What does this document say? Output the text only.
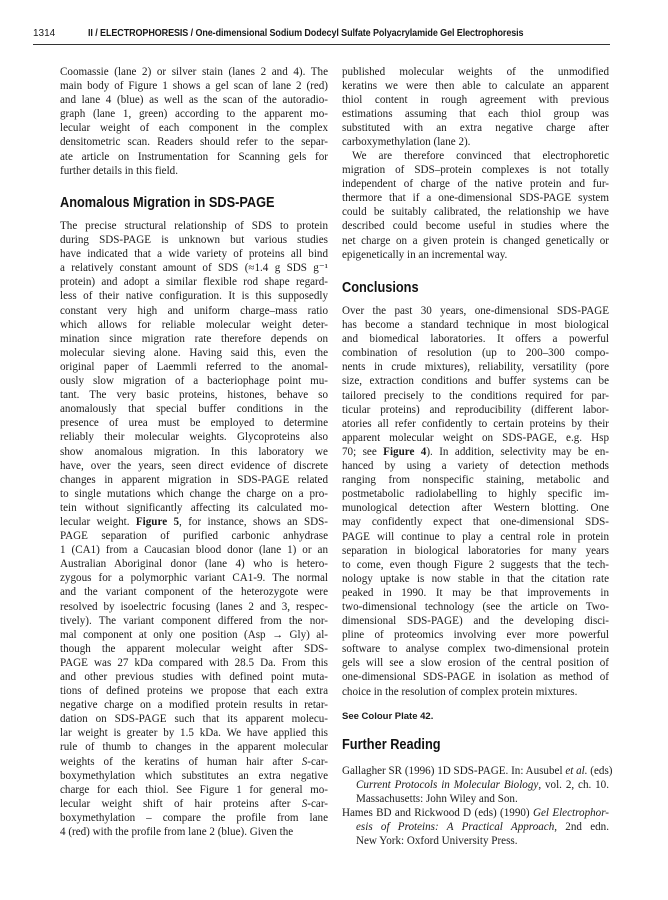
1314	II / ELECTROPHORESIS / One-dimensional Sodium Dodecyl Sulfate Polyacrylamide Gel Electrophoresis
Coomassie (lane 2) or silver stain (lanes 2 and 4). The
main body of Figure 1 shows a gel scan of lane 2 (red)
and lane 4 (blue) as well as the scan of the autoradio-
graph (lane 1, green) according to the apparent mo-
lecular weight of each component in the complex
densitometric scan. Readers should refer to the separ-
ate article on Instrumentation for Scanning gels for
further details in this field.
Anomalous Migration in SDS-PAGE
The precise structural relationship of SDS to protein
during SDS-PAGE is unknown but various studies
have indicated that a wide variety of proteins all bind
a relatively constant amount of SDS (≈1.4 g SDS g⁻¹
protein) and adopt a similar flexible rod shape regard-
less of their native configuration. It is this supposedly
constant very high and uniform charge–mass ratio
which allows for reliable molecular weight deter-
mination since migration rate therefore depends on
molecular sieving alone. Having said this, even the
original paper of Laemmli referred to the anomal-
ously slow migration of a bacteriophage point mu-
tant. The very basic proteins, histones, behave so
anomalously that special buffer conditions in the
presence of urea must be employed to determine
reliably their molecular weights. Glycoproteins also
show anomalous migration. In this laboratory we
have, over the years, seen direct evidence of discrete
changes in apparent migration in SDS-PAGE related
to single mutations which change the charge on a pro-
tein without significantly affecting its calculated mo-
lecular weight. Figure 5, for instance, shows an SDS-
PAGE separation of purified carbonic anhydrase
1 (CA1) from a Caucasian blood donor (lane 1) or an
Australian Aboriginal donor (lane 4) who is hetero-
zygous for a polymorphic variant CA1-9. The normal
and the variant component of the heterozygote were
resolved by isoelectric focusing (lanes 2 and 3, respec-
tively). The variant component differed from the nor-
mal component at only one position (Asp → Gly) al-
though the apparent molecular weight after SDS-
PAGE was 27 kDa compared with 28.5 Da. From this
and other previous studies with defined point muta-
tions of defined proteins we propose that each extra
negative charge on a modified protein results in retar-
dation on SDS-PAGE such that its apparent molecu-
lar weight is greater by 1.5 kDa. We have applied this
rule of thumb to changes in the apparent molecular
weights of the keratins of human hair after S-car-
boxymethylation which substitutes an extra negative
charge for each thiol. See Figure 1 for general mo-
lecular weight shift of hair proteins after S-car-
boxymethylation – compare the profile from lane
4 (red) with the profile from lane 2 (blue). Given the
published molecular weights of the unmodified
keratins we were then able to calculate an apparent
thiol content in rough agreement with previous
estimations assuming that each thiol group was
substituted with an extra negative charge after
carboxymethylation (lane 2).
We are therefore convinced that electrophoretic
migration of SDS–protein complexes is not totally
independent of charge of the native protein and fur-
thermore that if a one-dimensional SDS-PAGE system
could be suitably calibrated, the relationship we have
described could become useful in studies where the
net charge on a given protein is changed genetically or
epigenetically in an incremental way.
Conclusions
Over the past 30 years, one-dimensional SDS-PAGE
has become a standard technique in most biological
and biomedical laboratories. It offers a powerful
combination of resolution (up to 200–300 compo-
nents in crude mixtures), reliability, versatility (pore
size, extraction conditions and buffer systems can be
tailored precisely to the conditions required for par-
ticular proteins) and reproducibility (different labor-
atories all refer confidently to certain proteins by their
apparent molecular weight on SDS-PAGE, e.g. Hsp
70; see Figure 4). In addition, selectivity may be en-
hanced by using a variety of detection methods
ranging from nonspecific staining, metabolic and
postmetabolic radiolabelling to highly specific im-
munological detection after Western blotting. One
may confidently expect that one-dimensional SDS-
PAGE will continue to play a central role in protein
separation in biological laboratories for many years
to come, even though Figure 2 suggests that the tech-
nology uptake is now stable in that the citation rate
peaked in 1990. It may be that improvements in
two-dimensional technology (see the article on Two-
dimensional SDS-PAGE) and the developing disci-
pline of proteomics involving ever more powerful
software to analyse complex two-dimensional protein
gels will see a slow erosion of the central position of
one-dimensional SDS-PAGE in isolation as method of
choice in the resolution of complex protein mixtures.
See Colour Plate 42.
Further Reading
Gallagher SR (1996) 1D SDS-PAGE. In: Ausubel et al. (eds)
Current Protocols in Molecular Biology, vol. 2, ch. 10.
Massachusetts: John Wiley and Son.
Hames BD and Rickwood D (eds) (1990) Gel Electrophor-
esis of Proteins: A Practical Approach, 2nd edn.
New York: Oxford University Press.
